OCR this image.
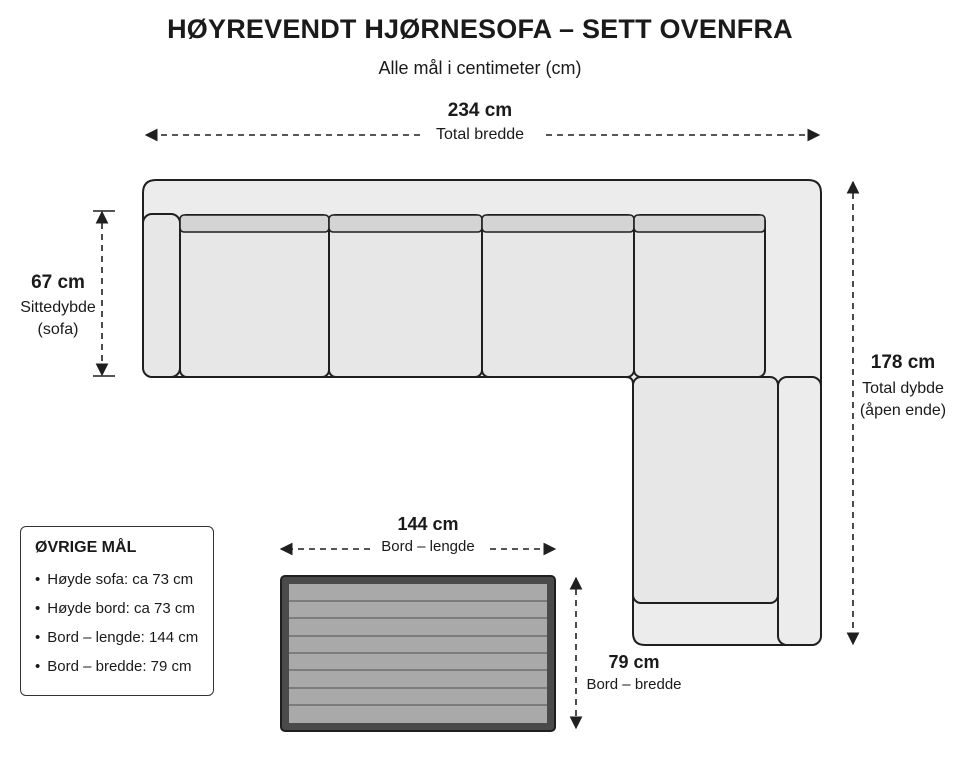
HØYREVENDT HJØRNESOFA – SETT OVENFRA
Alle mål i centimeter (cm)
234 cm
Total bredde
67 cm
Sittedybde
(sofa)
178 cm
Total dybde
(åpen ende)
144 cm
Bord – lengde
79 cm
Bord – bredde
ØVRIGE MÅL
• Høyde sofa: ca 73 cm
• Høyde bord: ca 73 cm
• Bord – lengde: 144 cm
• Bord – bredde: 79 cm
